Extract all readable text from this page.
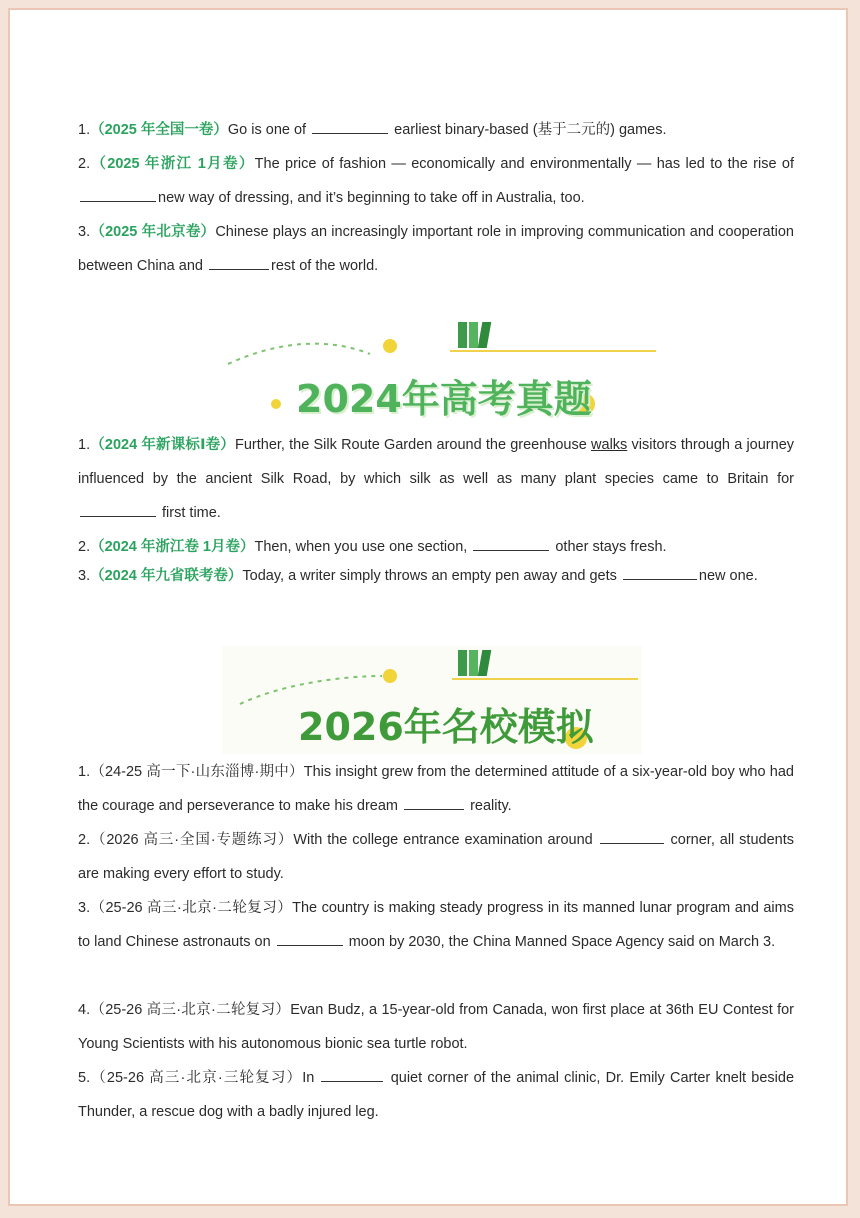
1.（2025 年全国一卷）Go is one of	earliest binary-based (基于二元的) games.

2.（2025 年浙江 1月卷）The price of fashion — economically and environmentally — has led to the rise of new way of dressing, and it’s beginning to take off in Australia, too.

3.（2025 年北京卷）Chinese plays an increasingly important role in improving communication and cooperation between China and	rest of the world.

2024年高考真题

1.（2024 年新课标Ⅰ卷）Further, the Silk Route Garden around the greenhouse walks visitors through a journey influenced by the ancient Silk Road, by which silk as well as many plant species came to Britain for  first time.

2.（2024 年浙江卷 1月卷）Then, when you use one section,	other stays fresh.

3.（2024 年九省联考卷）Today, a writer simply throws an empty pen away and gets	new one.

2026年名校模拟

1.（24-25 高一下·山东淄博·期中）This insight grew from the determined attitude of a six-year-old boy who had the courage and perseverance to make his dream	reality.

2.（2026 高三·全国·专题练习）With the college entrance examination around	corner, all students are making every effort to study.

3.（25-26 高三·北京·二轮复习）The country is making steady progress in its manned lunar program and aims to land Chinese astronauts on	moon by 2030, the China Manned Space Agency said on March 3.

4.（25-26 高三·北京·二轮复习）Evan Budz, a 15-year-old from Canada, won first place at 36th EU Contest for Young Scientists with his autonomous bionic sea turtle robot.

5.（25-26 高三·北京·三轮复习）In	quiet corner of the animal clinic, Dr. Emily Carter knelt beside Thunder, a rescue dog with a badly injured leg.
